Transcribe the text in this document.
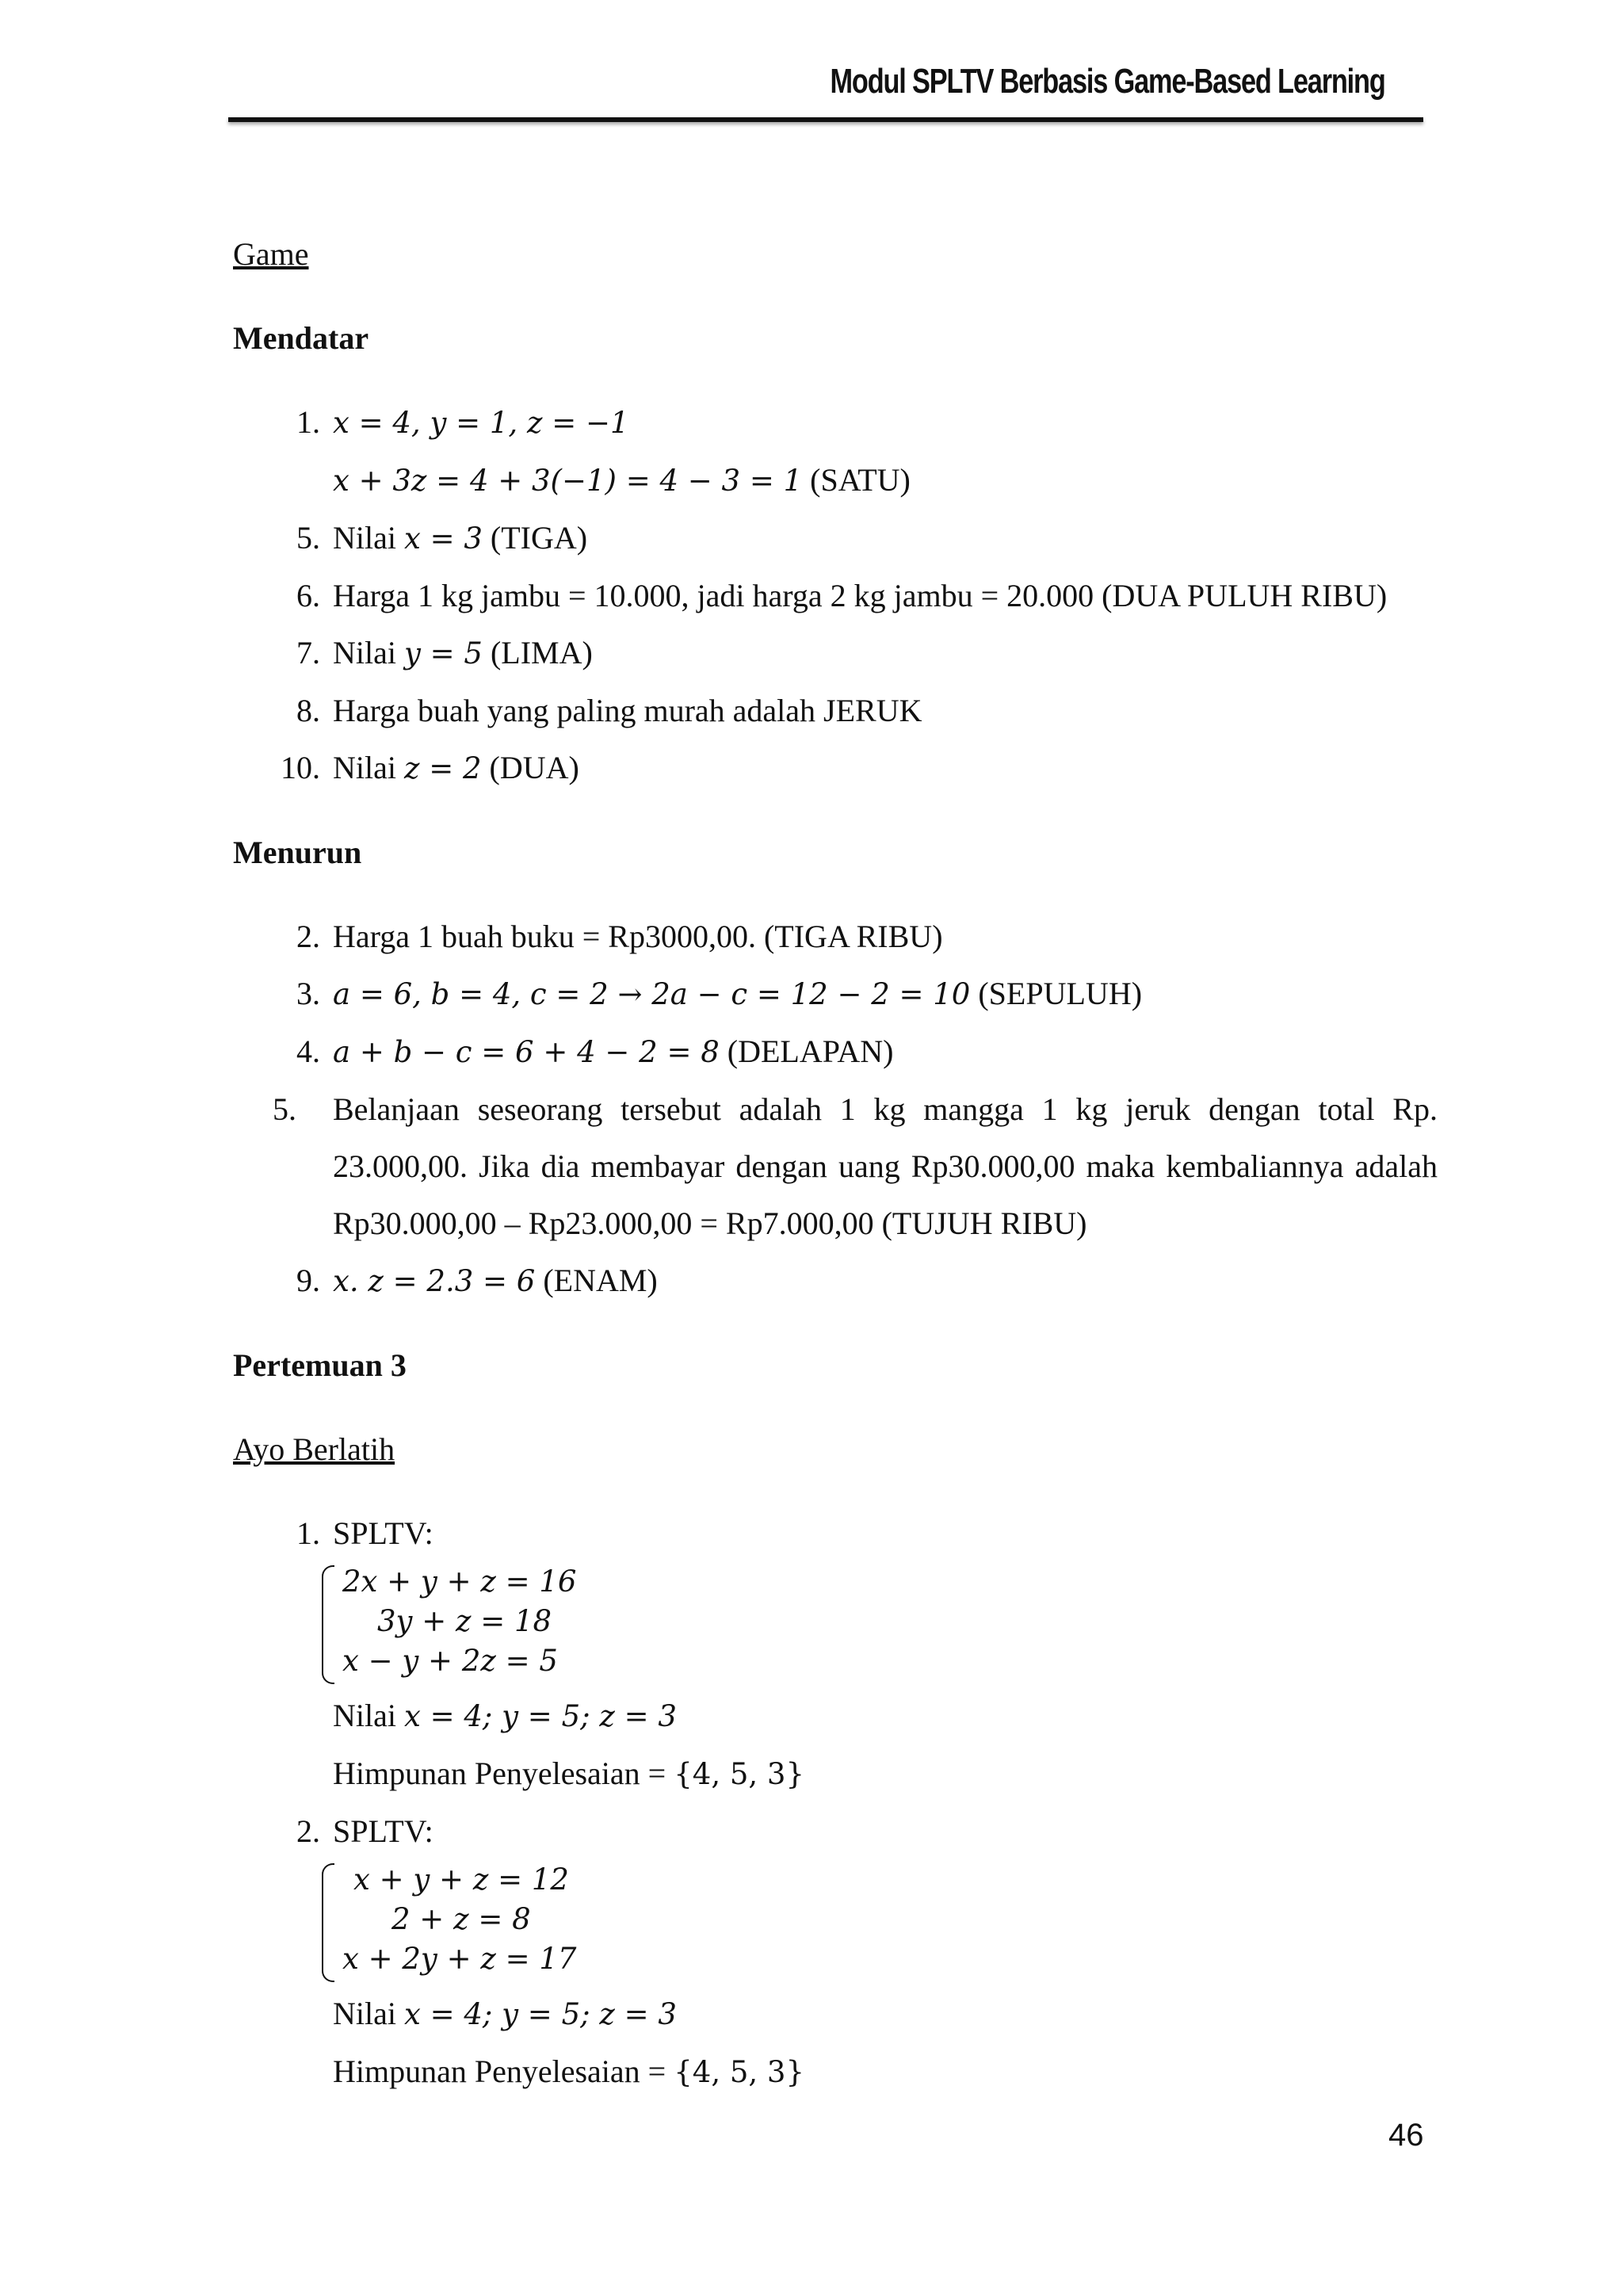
Modul SPLTV Berbasis Game-Based Learning
Game
Mendatar
1. x = 4, y = 1, z = −1
x + 3z = 4 + 3(−1) = 4 − 3 = 1 (SATU)
5. Nilai x = 3 (TIGA)
6. Harga 1 kg jambu = 10.000, jadi harga 2 kg jambu = 20.000 (DUA PULUH RIBU)
7. Nilai y = 5 (LIMA)
8. Harga buah yang paling murah adalah JERUK
10. Nilai z = 2 (DUA)
Menurun
2. Harga 1 buah buku = Rp3000,00. (TIGA RIBU)
3. a = 6, b = 4, c = 2 → 2a − c = 12 − 2 = 10 (SEPULUH)
4. a + b − c = 6 + 4 − 2 = 8 (DELAPAN)
5.	Belanjaan seseorang tersebut adalah 1 kg mangga 1 kg jeruk dengan total Rp. 23.000,00. Jika dia membayar dengan uang Rp30.000,00 maka kembaliannya adalah Rp30.000,00 – Rp23.000,00 = Rp7.000,00 (TUJUH RIBU)
9. x. z = 2.3 = 6 (ENAM)
Pertemuan 3
Ayo Berlatih
1. SPLTV:
2x + y + z = 16
3y + z = 18
x − y + 2z = 5
Nilai x = 4; y = 5; z = 3
Himpunan Penyelesaian = {4, 5, 3}
2. SPLTV:
x + y + z = 12
2 + z = 8
x + 2y + z = 17
Nilai x = 4; y = 5; z = 3
Himpunan Penyelesaian = {4, 5, 3}
46
